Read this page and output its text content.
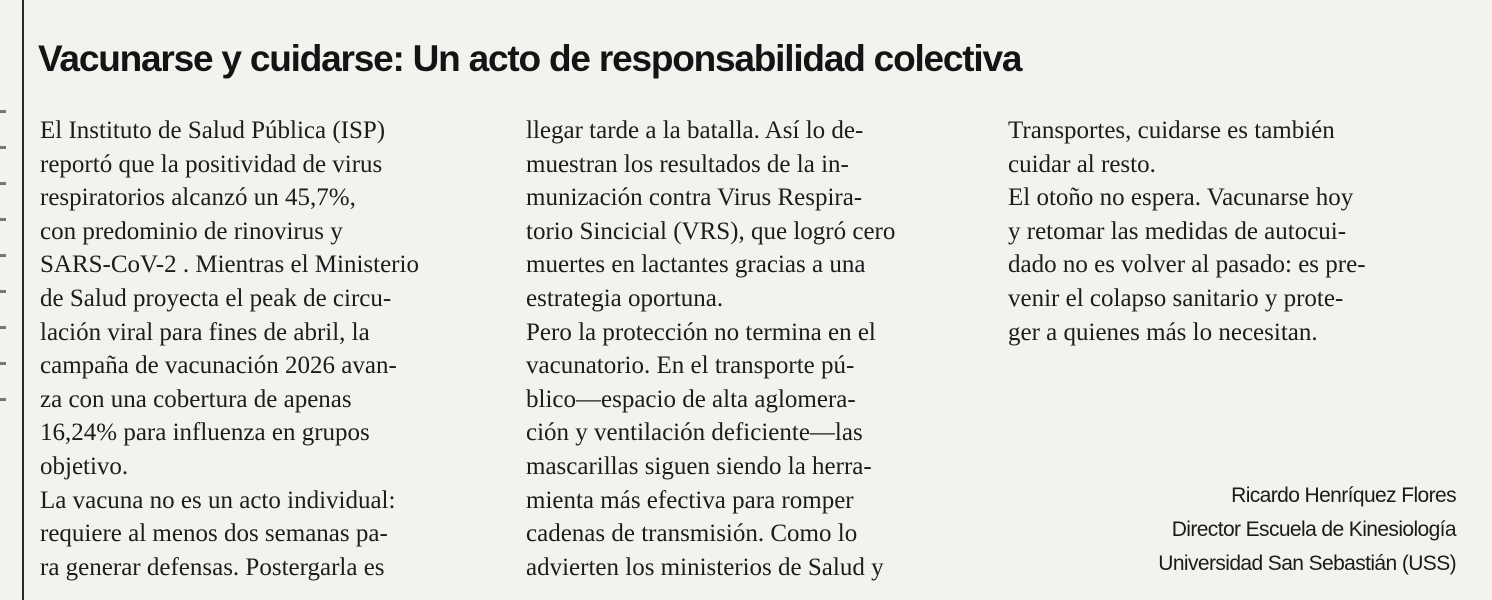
Vacunarse y cuidarse: Un acto de responsabilidad colectiva
El Instituto de Salud Pública (ISP)
reportó que la positividad de virus
respiratorios alcanzó un 45,7%,
con predominio de rinovirus y
SARS-CoV-2 . Mientras el Ministerio
de Salud proyecta el peak de circu-
lación viral para fines de abril, la
campaña de vacunación 2026 avan-
za con una cobertura de apenas
16,24% para influenza en grupos
objetivo.
La vacuna no es un acto individual:
requiere al menos dos semanas pa-
ra generar defensas. Postergarla es
llegar tarde a la batalla. Así lo de-
muestran los resultados de la in-
munización contra Virus Respira-
torio Sincicial (VRS), que logró cero
muertes en lactantes gracias a una
estrategia oportuna.
Pero la protección no termina en el
vacunatorio. En el transporte pú-
blico—espacio de alta aglomera-
ción y ventilación deficiente—las
mascarillas siguen siendo la herra-
mienta más efectiva para romper
cadenas de transmisión. Como lo
advierten los ministerios de Salud y
Transportes, cuidarse es también
cuidar al resto.
El otoño no espera. Vacunarse hoy
y retomar las medidas de autocui-
dado no es volver al pasado: es pre-
venir el colapso sanitario y prote-
ger a quienes más lo necesitan.
Ricardo Henríquez Flores
Director Escuela de Kinesiología
Universidad San Sebastián (USS)
